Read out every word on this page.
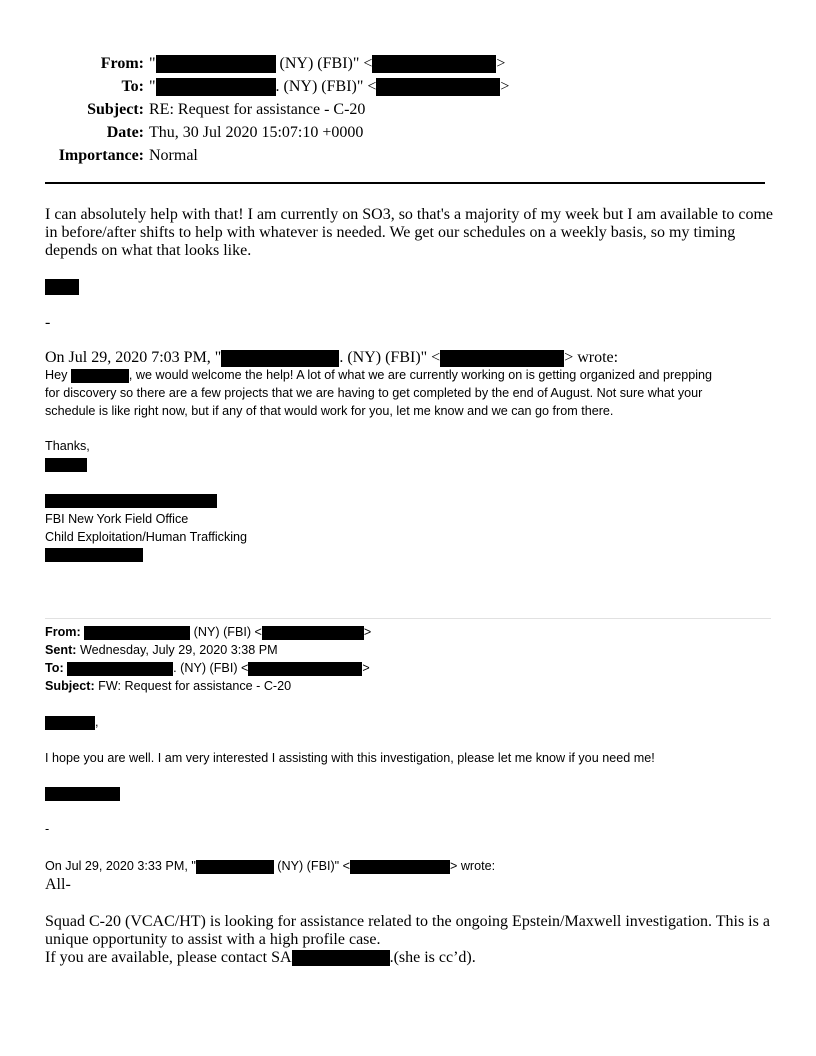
From: "	(NY) (FBI)" <	>
To: "	. (NY) (FBI)" <	>
Subject: RE: Request for assistance - C-20
Date: Thu, 30 Jul 2020 15:07:10 +0000
Importance: Normal
I can absolutely help with that! I am currently on SO3, so that's a majority of my week but I am available to come in before/after shifts to help with whatever is needed. We get our schedules on a weekly basis, so my timing depends on what that looks like.
-
On Jul 29, 2020 7:03 PM, "	. (NY) (FBI)" <	> wrote:
Hey	, we would welcome the help! A lot of what we are currently working on is getting organized and prepping
for discovery so there are a few projects that we are having to get completed by the end of August. Not sure what your
schedule is like right now, but if any of that would work for you, let me know and we can go from there.
Thanks,
FBI New York Field Office
Child Exploitation/Human Trafficking
From:	(NY) (FBI) <	>
Sent: Wednesday, July 29, 2020 3:38 PM
To:	. (NY) (FBI) <	>
Subject: FW: Request for assistance - C-20
,
I hope you are well. I am very interested I assisting with this investigation, please let me know if you need me!
-
On Jul 29, 2020 3:33 PM, "	(NY) (FBI)" <	> wrote:
All-
Squad C-20 (VCAC/HT) is looking for assistance related to the ongoing Epstein/Maxwell investigation. This is a unique opportunity to assist with a high profile case.
If you are available, please contact SA	.(she is cc’d).
